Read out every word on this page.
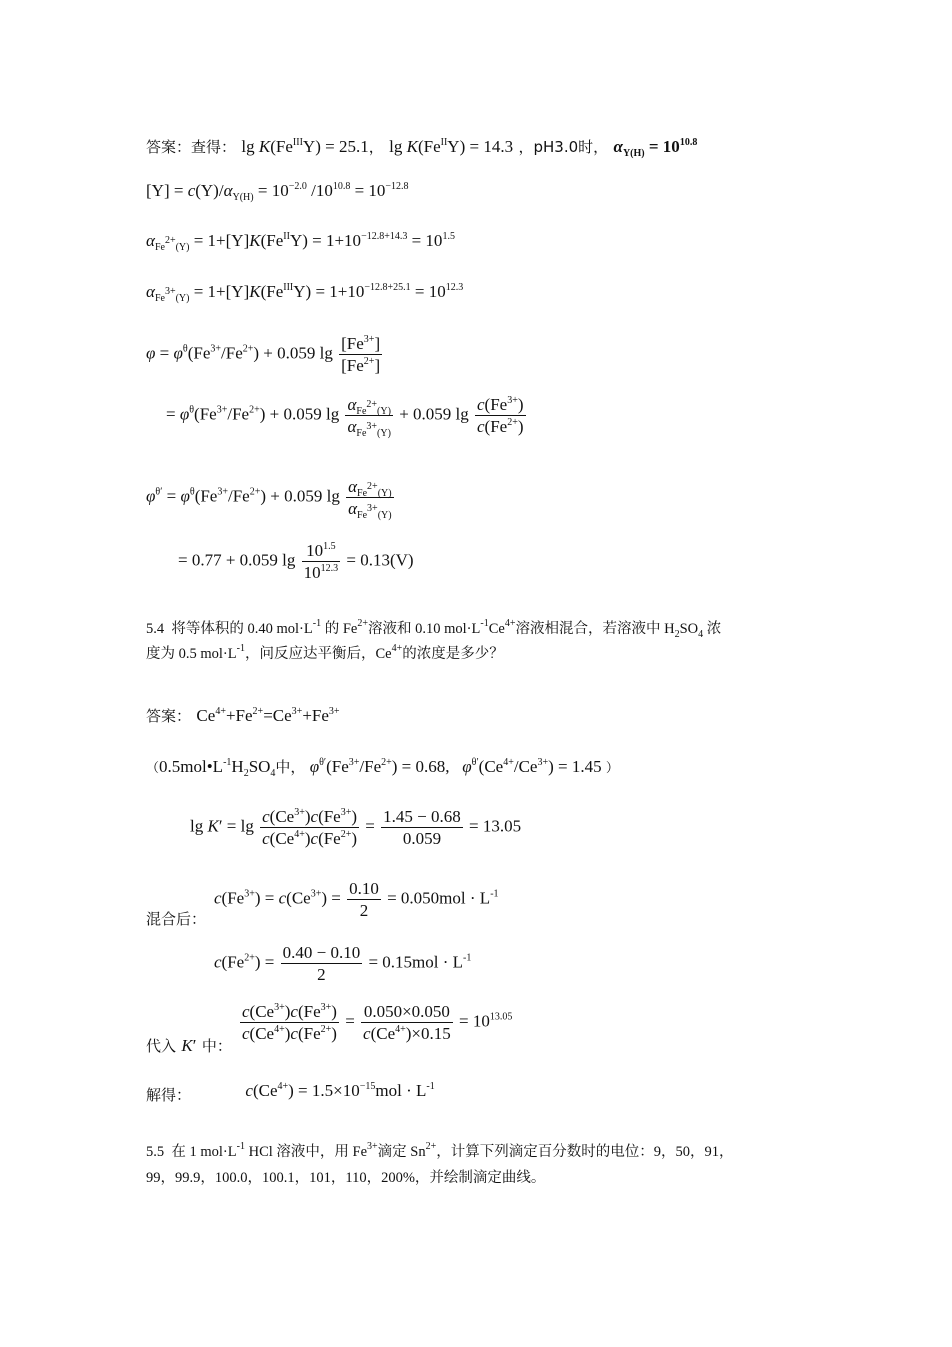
答案：查得： $\lg K(Fe^{III}Y) = 25.1$， $\lg K(Fe^{II}Y) = 14.3$ ，pH3.0时， $\alpha_{Y(H)} = 10^{10.8}$
$[Y] = c(Y)/\alpha_{Y(H)} = 10^{-2.0}$ $/10^{10.8} = 10^{-12.8}$
$\alpha_{Fe^{2+}(Y)} = 1+[Y]K(Fe^{II}Y) = 1+10^{-12.8+14.3} = 10^{1.5}$
$\alpha_{Fe^{3+}(Y)} = 1+[Y]K(Fe^{III}Y) = 1+10^{-12.8+25.1} = 10^{12.3}$
$\varphi = \varphi^\theta(Fe^{3+}/Fe^{2+}) + 0.059$ $\lg \frac{[Fe^{3+}]}{[Fe^{2+}]}$
= $\varphi^\theta(Fe^{3+}/Fe^{2+}) + 0.059$ $\lg \frac{\alpha_{Fe^{2+}(Y)}}{\alpha_{Fe^{3+}(Y)}} + 0.059$ $\lg \frac{c(Fe^{3+})}{c(Fe^{2+})}$
$\varphi^{\theta'} = \varphi^\theta(Fe^{3+}/Fe^{2+}) + 0.059$ $\lg \frac{\alpha_{Fe^{2+}(Y)}}{\alpha_{Fe^{3+}(Y)}}$
= 0.77 + 0.059 $\lg \frac{10^{1.5}}{10^{12.3}} = 0.13(V)$
5.4  将等体积的 0.40 $mol\cdot L^{-1}$ 的 $Fe^{2+}$溶液和 0.10 $mol\cdot L^{-1}Ce^{4+}$溶液相混合，若溶液中 $H_2SO_4$ 浓
度为 0.5 $mol\cdot L^{-1}$，问反应达平衡后，$Ce^{4+}$的浓度是多少？
答案： $Ce^{4+}+Fe^{2+}=Ce^{3+}+Fe^{3+}$
（$0.5mol•L^{-1}H_2SO_4$中， $\varphi^{\theta'}(Fe^{3+}/Fe^{2+}) = 0.68$,   $\varphi^{\theta'}(Ce^{4+}/Ce^{3+}) = 1.45$ ）
$\lg K' = \lg \frac{c(Ce^{3+})c(Fe^{3+})}{c(Ce^{4+})c(Fe^{2+})} = \frac{1.45 - 0.68}{0.059} = 13.05$
$c(Fe^{3+}) = c(Ce^{3+}) = \frac{0.10}{2} = 0.050mol \cdot L^{-1}$
混合后：
$c(Fe^{2+}) = \frac{0.40 - 0.10}{2} = 0.15mol \cdot L^{-1}$
$\frac{c(Ce^{3+})c(Fe^{3+})}{c(Ce^{4+})c(Fe^{2+})} = \frac{0.050\times 0.050}{c(Ce^{4+})\times 0.15} = 10^{13.05}$
代入 K′ 中：
解得：	$c(Ce^{4+}) = 1.5\times 10^{-15}mol \cdot L^{-1}$
5.5  在 1 $mol\cdot L^{-1}$ HCl 溶液中，用 $Fe^{3+}$滴定 $Sn^{2+}$，计算下列滴定百分数时的电位：9，50，91，
99，99.9，100.0，100.1，101，110，200%，并绘制滴定曲线。
